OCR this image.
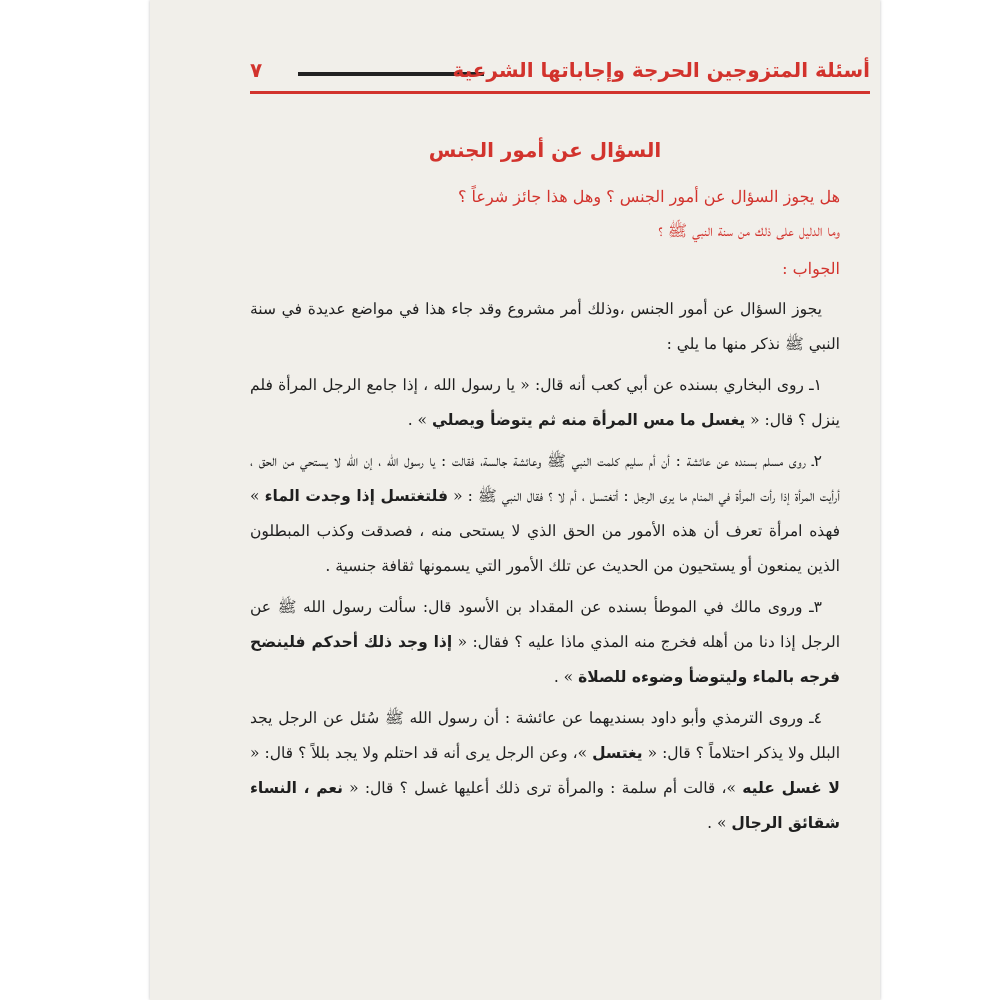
٧	أسئلة المتزوجين الحرجة وإجاباتها الشرعية
السؤال عن أمور الجنس

هل يجوز السؤال عن أمور الجنس ؟ وهل هذا جائز شرعاً ؟

وما الدليل على ذلك من سنة النبي ﷺ ؟

الجواب :

يجوز السؤال عن أمور الجنس ،وذلك أمر مشروع وقد جاء هذا في مواضع عديدة في سنة النبي ﷺ نذكر منها ما يلي :

١ـ روى البخاري بسنده عن أبي كعب أنه قال: « يا رسول الله ، إذا جامع الرجل المرأة فلم ينزل ؟ قال: « يغسل ما مس المرأة منه ثم يتوضأ ويصلي » .

٢ـ روى مسلم بسنده عن عائشة : أن أم سليم كلمت النبي ﷺ وعائشة جالسة، فقالت : يا رسول الله ، إن الله لا يستحي من الحق ، أرأيت المرأة إذا رأت المرأة في المنام ما يرى الرجل : أتغتسل ، أم لا ؟ فقال النبي ﷺ : « فلتغتسل إذا وجدت الماء » فهذه امرأة تعرف أن هذه الأمور من الحق الذي لا يستحى منه ، فصدقت وكذب المبطلون الذين يمنعون أو يستحيون من الحديث عن تلك الأمور التي يسمونها ثقافة جنسية .

٣ـ وروى مالك في الموطأ بسنده عن المقداد بن الأسود قال: سألت رسول الله ﷺ عن الرجل إذا دنا من أهله فخرج منه المذي ماذا عليه ؟ فقال: « إذا وجد ذلك أحدكم فلينضح فرجه بالماء وليتوضأ وضوءه للصلاة » .

٤ـ وروى الترمذي وأبو داود بسنديهما عن عائشة : أن رسول الله ﷺ سُئل عن الرجل يجد البلل ولا يذكر احتلاماً ؟ قال: « يغتسل »، وعن الرجل يرى أنه قد احتلم ولا يجد بللاً ؟ قال: « لا غسل عليه »، قالت أم سلمة : والمرأة ترى ذلك أعليها غسل ؟ قال: « نعم ، النساء شقائق الرجال » .
